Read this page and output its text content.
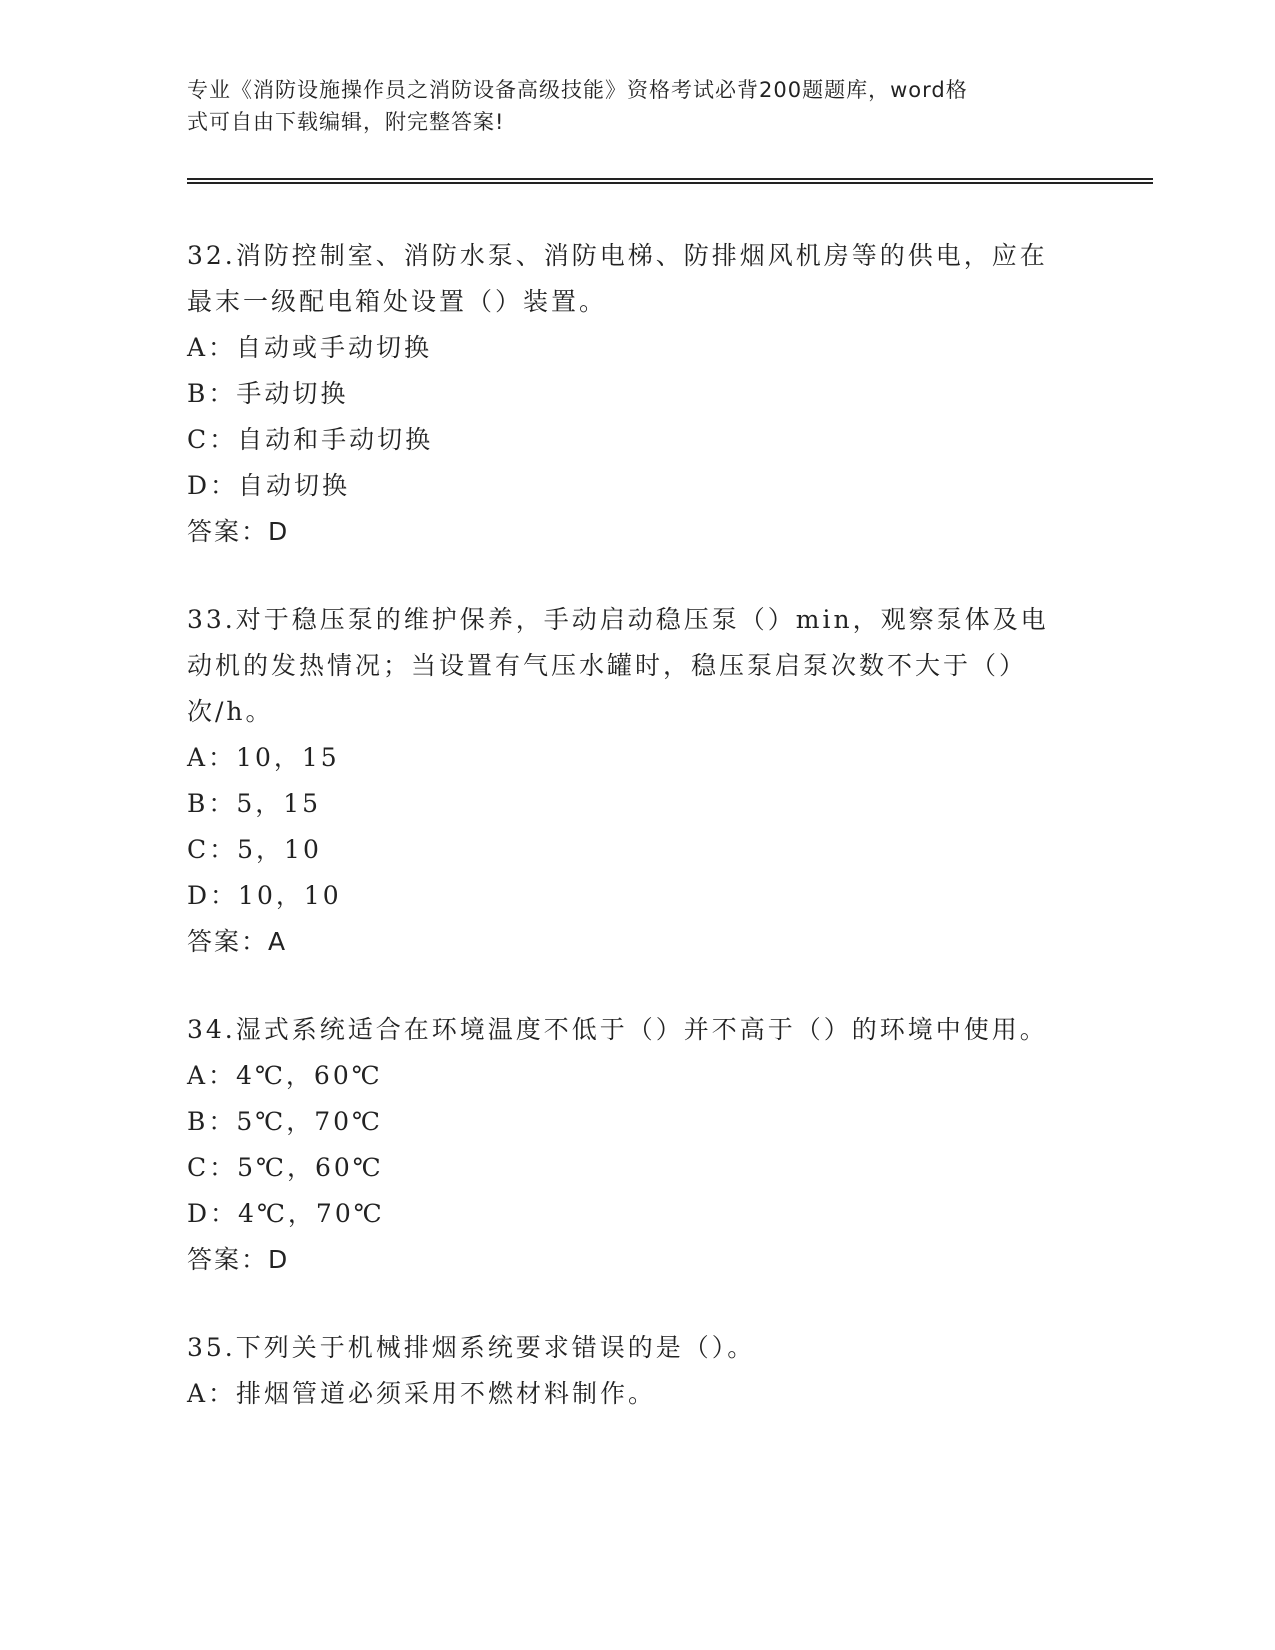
专业《消防设施操作员之消防设备高级技能》资格考试必背200题题库，word格
式可自由下载编辑，附完整答案!
32.消防控制室、消防水泵、消防电梯、防排烟风机房等的供电，应在
最末一级配电箱处设置（）装置。
A：自动或手动切换
B：手动切换
C：自动和手动切换
D：自动切换
答案：D
33.对于稳压泵的维护保养，手动启动稳压泵（）min，观察泵体及电
动机的发热情况；当设置有气压水罐时，稳压泵启泵次数不大于（）
次/h。
A：10，15
B：5，15
C：5，10
D：10，10
答案：A
34.湿式系统适合在环境温度不低于（）并不高于（）的环境中使用。
A：4℃，60℃
B：5℃，70℃
C：5℃，60℃
D：4℃，70℃
答案：D
35.下列关于机械排烟系统要求错误的是（）。
A：排烟管道必须采用不燃材料制作。
